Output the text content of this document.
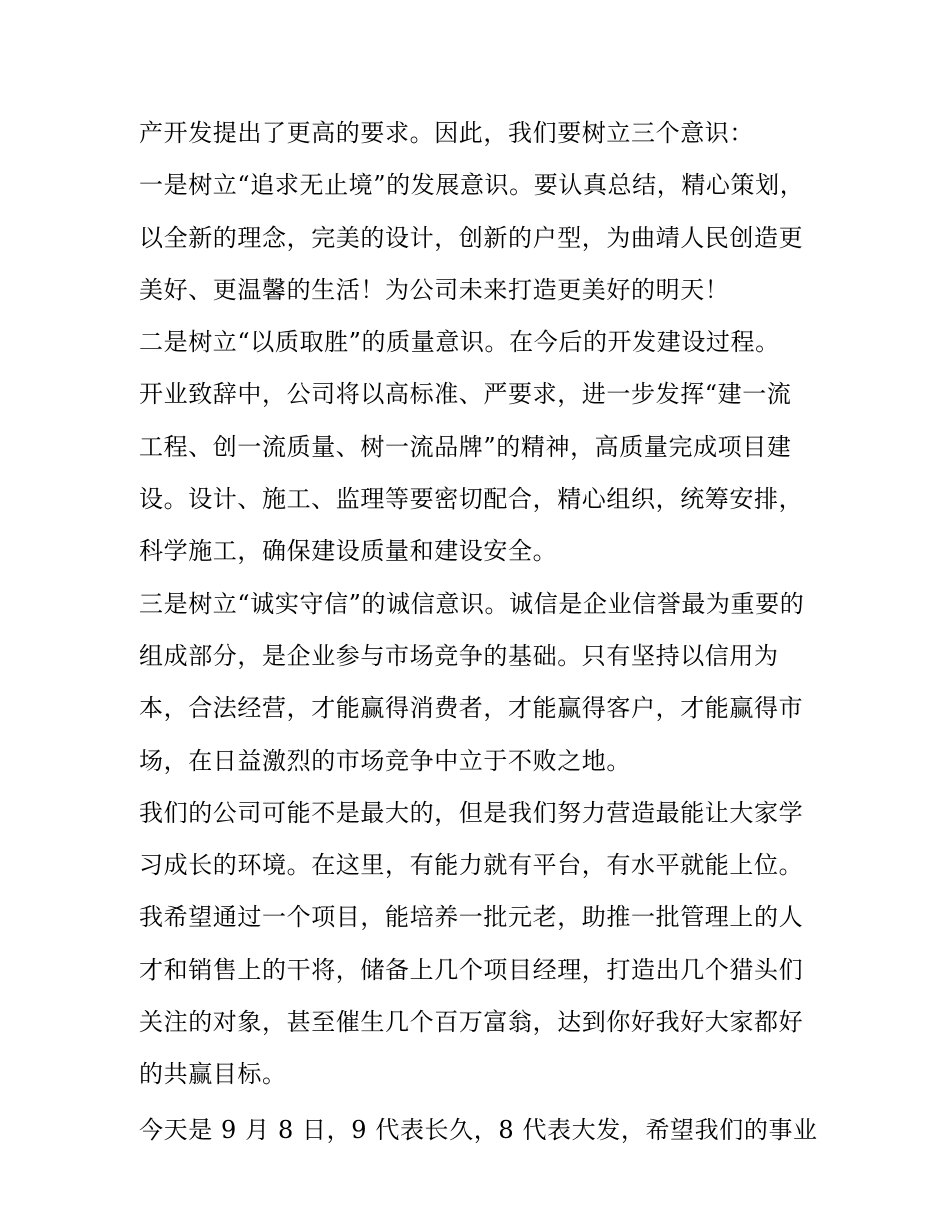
产开发提出了更高的要求。因此，我们要树立三个意识：
一是树立“追求无止境”的发展意识。要认真总结，精心策划，
以全新的理念，完美的设计，创新的户型，为曲靖人民创造更
美好、更温馨的生活！为公司未来打造更美好的明天！
二是树立“以质取胜”的质量意识。在今后的开发建设过程。
开业致辞中，公司将以高标准、严要求，进一步发挥“建一流
工程、创一流质量、树一流品牌”的精神，高质量完成项目建
设。设计、施工、监理等要密切配合，精心组织，统筹安排，
科学施工，确保建设质量和建设安全。
三是树立“诚实守信”的诚信意识。诚信是企业信誉最为重要的
组成部分，是企业参与市场竞争的基础。只有坚持以信用为
本，合法经营，才能赢得消费者，才能赢得客户，才能赢得市
场，在日益激烈的市场竞争中立于不败之地。
我们的公司可能不是最大的，但是我们努力营造最能让大家学
习成长的环境。在这里，有能力就有平台，有水平就能上位。
我希望通过一个项目，能培养一批元老，助推一批管理上的人
才和销售上的干将，储备上几个项目经理，打造出几个猎头们
关注的对象，甚至催生几个百万富翁，达到你好我好大家都好
的共赢目标。
今天是 9 月 8 日，9 代表长久，8 代表大发，希望我们的事业
